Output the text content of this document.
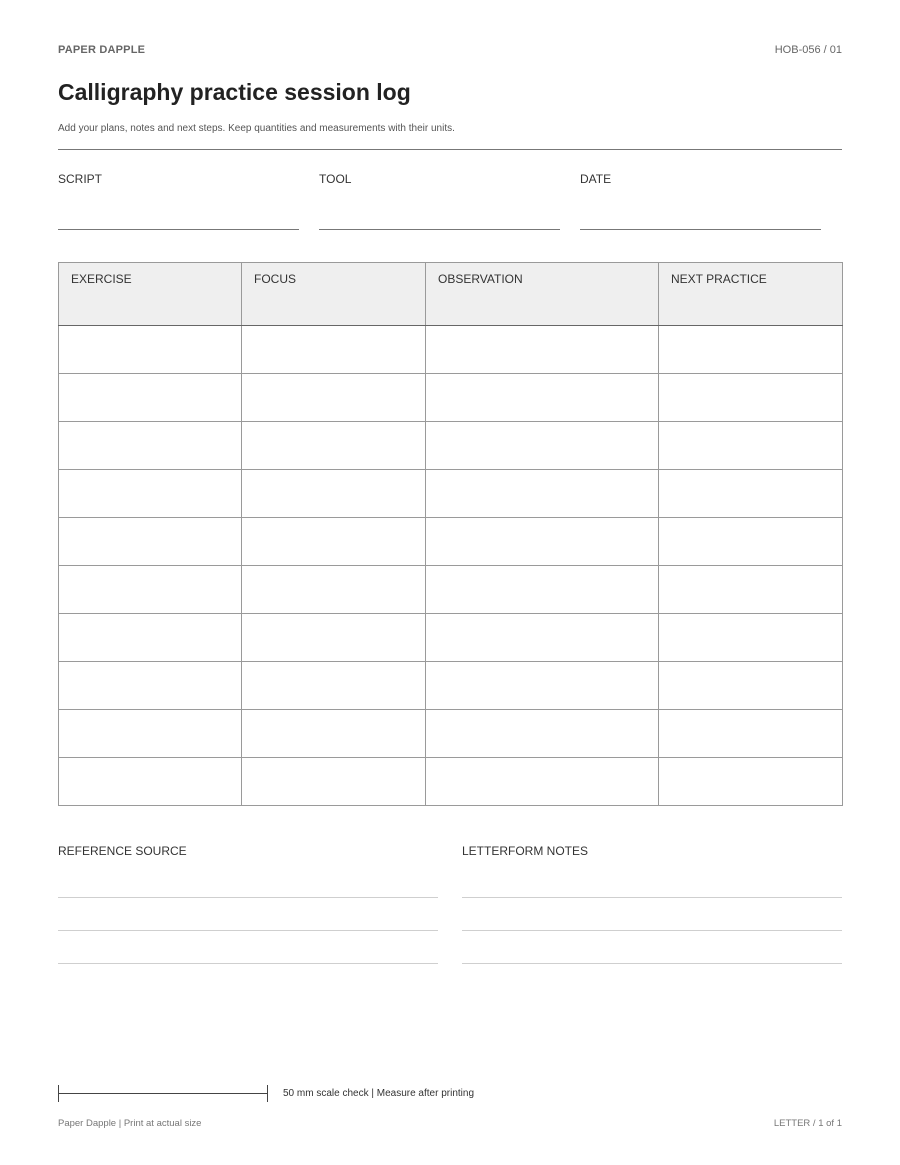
PAPER DAPPLE	HOB-056 / 01
Calligraphy practice session log
Add your plans, notes and next steps. Keep quantities and measurements with their units.
SCRIPT	TOOL	DATE
EXERCISE	FOCUS	OBSERVATION	NEXT PRACTICE

REFERENCE SOURCE	LETTERFORM NOTES
50 mm scale check | Measure after printing
Paper Dapple | Print at actual size	LETTER / 1 of 1
